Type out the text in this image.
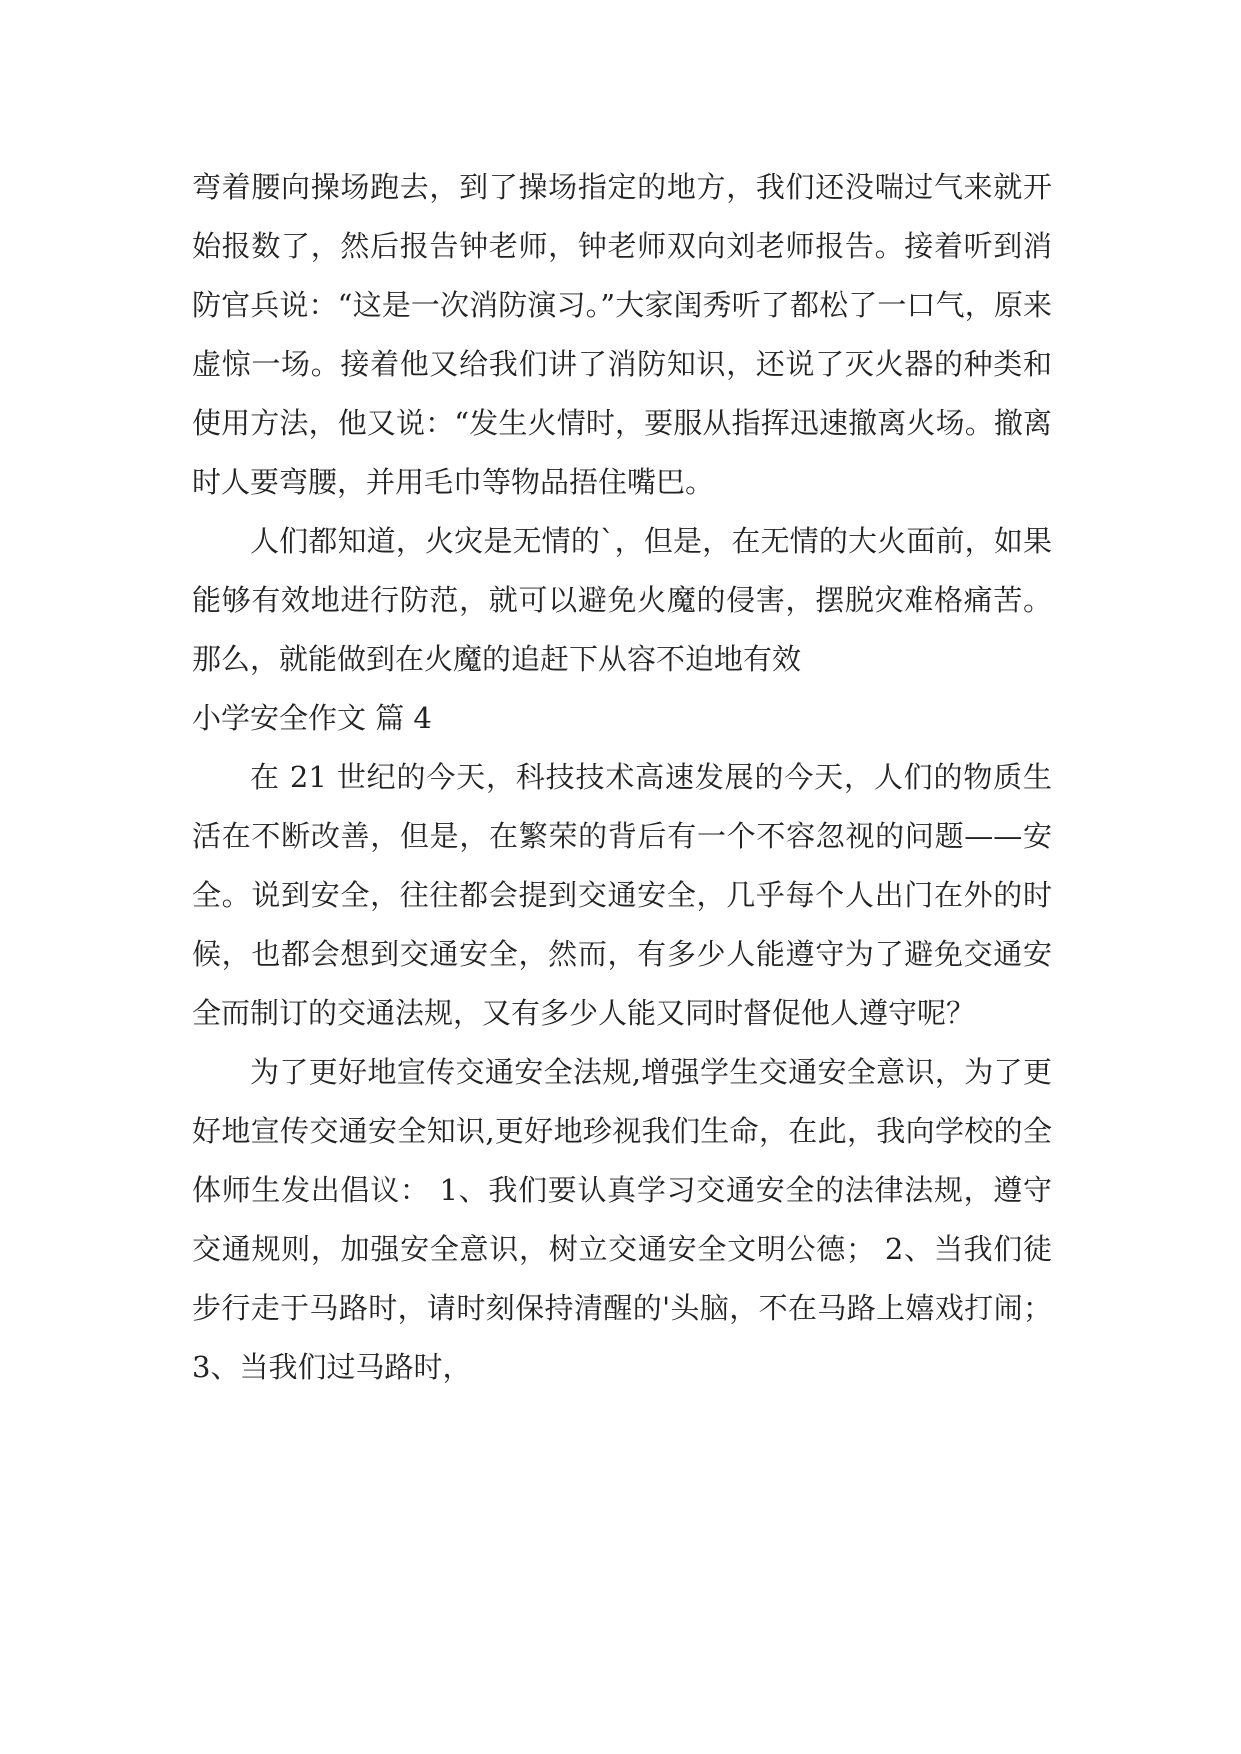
弯着腰向操场跑去，到了操场指定的地方，我们还没喘过气来就开始报数了，然后报告钟老师，钟老师双向刘老师报告。接着听到消防官兵说：“这是一次消防演习。”大家闺秀听了都松了一口气，原来虚惊一场。接着他又给我们讲了消防知识，还说了灭火器的种类和使用方法，他又说：“发生火情时，要服从指挥迅速撤离火场。撤离时人要弯腰，并用毛巾等物品捂住嘴巴。

人们都知道，火灾是无情的`，但是，在无情的大火面前，如果能够有效地进行防范，就可以避免火魔的侵害，摆脱灾难格痛苦。那么，就能做到在火魔的追赶下从容不迫地有效

小学安全作文 篇 4

在 21 世纪的今天，科技技术高速发展的今天，人们的物质生活在不断改善，但是，在繁荣的背后有一个不容忽视的问题——安全。说到安全，往往都会提到交通安全，几乎每个人出门在外的时候，也都会想到交通安全，然而，有多少人能遵守为了避免交通安全而制订的交通法规，又有多少人能又同时督促他人遵守呢？

为了更好地宣传交通安全法规,增强学生交通安全意识，为了更好地宣传交通安全知识,更好地珍视我们生命，在此，我向学校的全体师生发出倡议： 1、我们要认真学习交通安全的法律法规，遵守交通规则，加强安全意识，树立交通安全文明公德； 2、当我们徒步行走于马路时，请时刻保持清醒的'头脑，不在马路上嬉戏打闹； 3、当我们过马路时，
